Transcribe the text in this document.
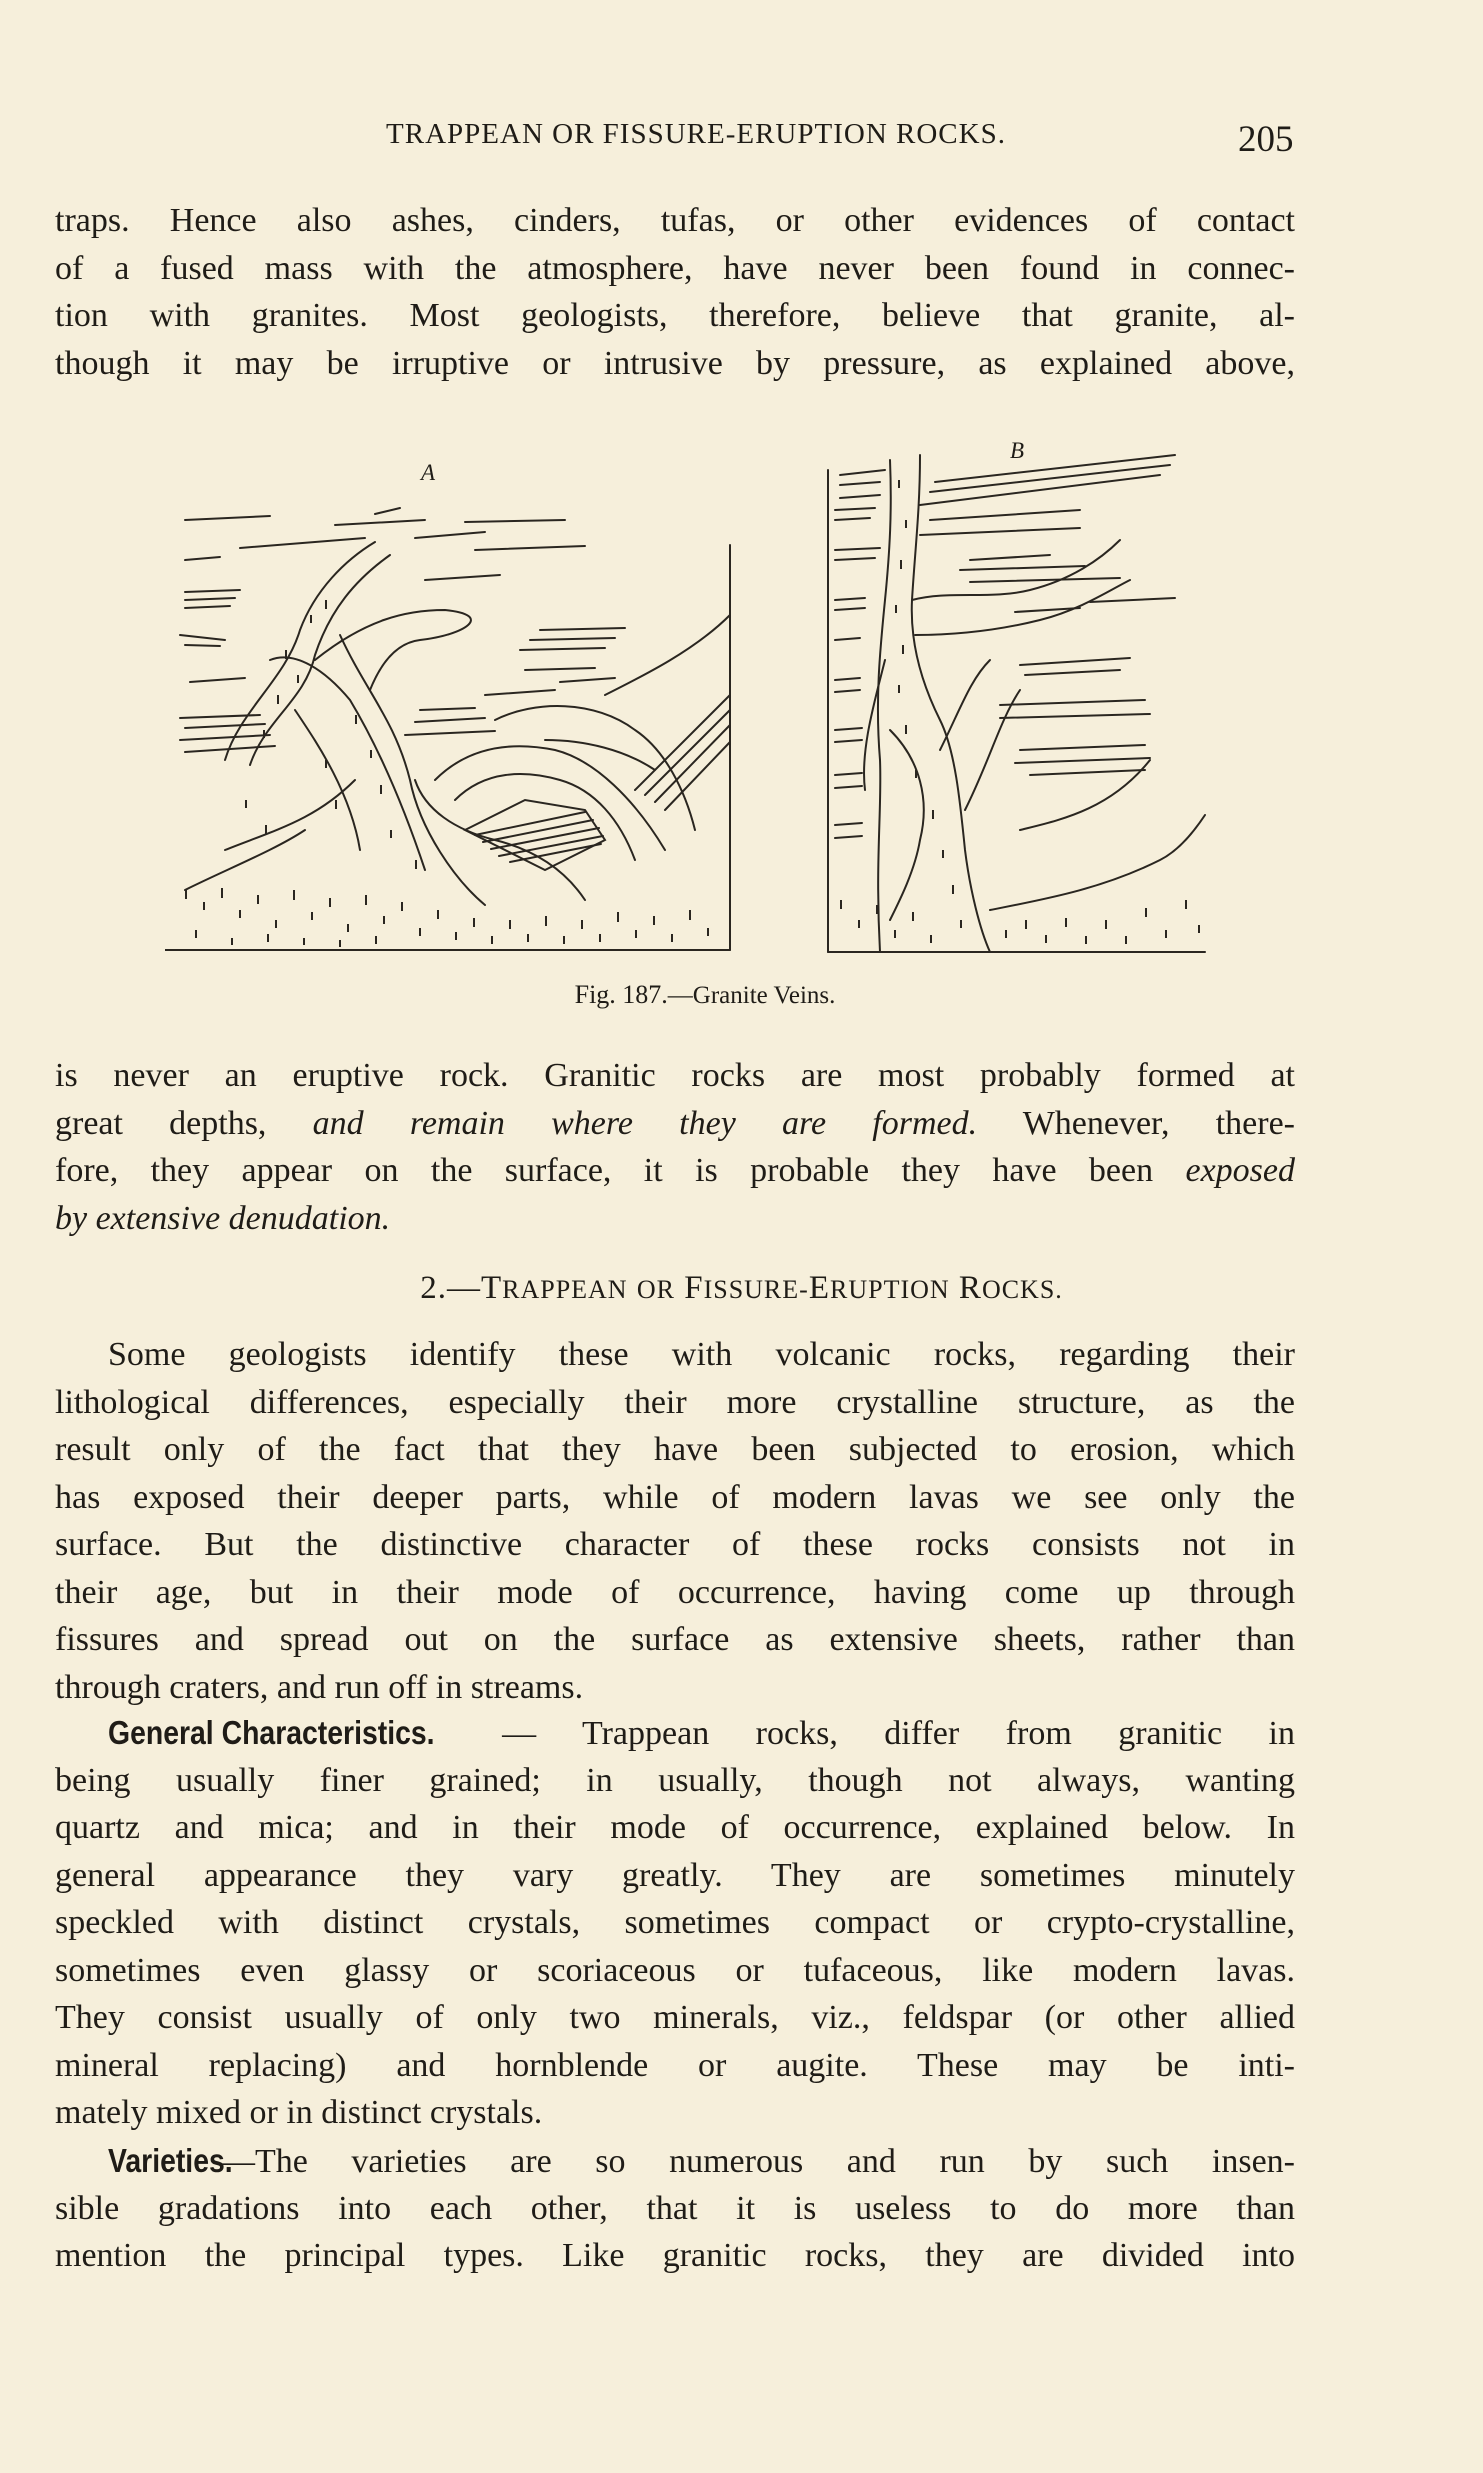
TRAPPEAN OR FISSURE-ERUPTION ROCKS.	205
traps. Hence also ashes, cinders, tufas, or other evidences of contact
of a fused mass with the atmosphere, have never been found in connec-
tion with granites. Most geologists, therefore, believe that granite, al-
though it may be irruptive or intrusive by pressure, as explained above,
A
B
Fig. 187.—Granite Veins.
is never an eruptive rock. Granitic rocks are most probably formed at
great depths, and remain where they are formed. Whenever, there-
fore, they appear on the surface, it is probable they have been exposed
by extensive denudation.
2.—TRAPPEAN OR FISSURE-ERUPTION ROCKS.
Some geologists identify these with volcanic rocks, regarding their
lithological differences, especially their more crystalline structure, as the
result only of the fact that they have been subjected to erosion, which
has exposed their deeper parts, while of modern lavas we see only the
surface. But the distinctive character of these rocks consists not in
their age, but in their mode of occurrence, having come up through
fissures and spread out on the surface as extensive sheets, rather than
through craters, and run off in streams.
General Characteristics. — Trappean rocks, differ from granitic in
being usually finer grained; in usually, though not always, wanting
quartz and mica; and in their mode of occurrence, explained below. In
general appearance they vary greatly. They are sometimes minutely
speckled with distinct crystals, sometimes compact or crypto-crystalline,
sometimes even glassy or scoriaceous or tufaceous, like modern lavas.
They consist usually of only two minerals, viz., feldspar (or other allied
mineral replacing) and hornblende or augite. These may be inti-
mately mixed or in distinct crystals.
Varieties.—The varieties are so numerous and run by such insen-
sible gradations into each other, that it is useless to do more than
mention the principal types. Like granitic rocks, they are divided into
